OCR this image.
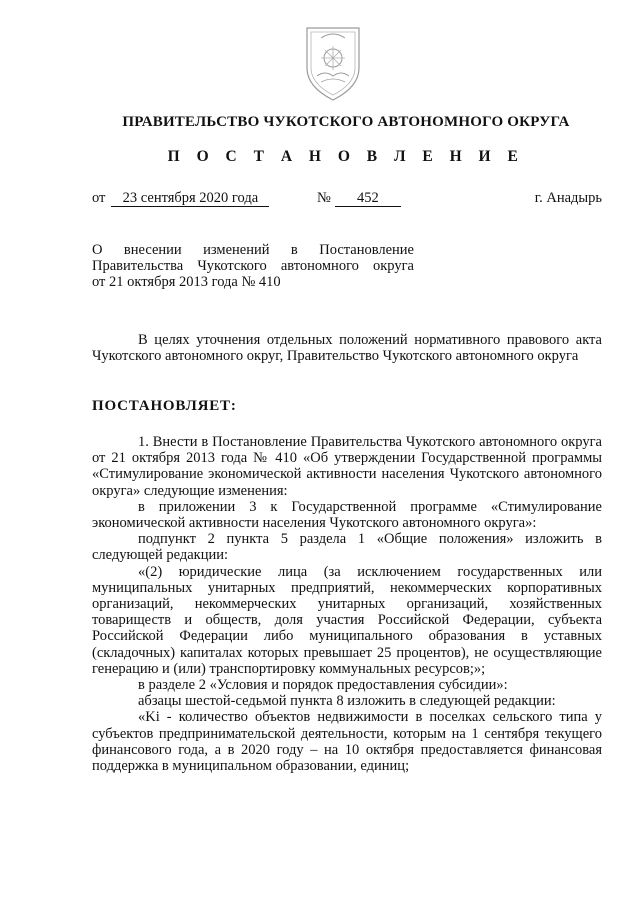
ПРАВИТЕЛЬСТВО ЧУКОТСКОГО АВТОНОМНОГО ОКРУГА
П О С Т А Н О В Л Е Н И Е
от 23 сентября 2020 года	№ 452	г. Анадырь
О внесении изменений в Постановление
Правительства Чукотского автономного округа
от 21 октября 2013 года № 410

В целях уточнения отдельных положений нормативного правового акта Чукотского автономного округ, Правительство Чукотского автономного округа

ПОСТАНОВЛЯЕТ:

1. Внести в Постановление Правительства Чукотского автономного округа от 21 октября 2013 года № 410 «Об утверждении Государственной программы «Стимулирование экономической активности населения Чукотского автономного округа» следующие изменения:

в приложении 3 к Государственной программе «Стимулирование экономической активности населения Чукотского автономного округа»:

подпункт 2 пункта 5 раздела 1 «Общие положения» изложить в следующей редакции:

«(2) юридические лица (за исключением государственных или муниципальных унитарных предприятий, некоммерческих корпоративных организаций, некоммерческих унитарных организаций, хозяйственных товариществ и обществ, доля участия Российской Федерации, субъекта Российской Федерации либо муниципального образования в уставных (складочных) капиталах которых превышает 25 процентов), не осуществляющие генерацию и (или) транспортировку коммунальных ресурсов;»;

в разделе 2 «Условия и порядок предоставления субсидии»:

абзацы шестой-седьмой пункта 8 изложить в следующей редакции:

«Ki - количество объектов недвижимости в поселках сельского типа у субъектов предпринимательской деятельности, которым на 1 сентября текущего финансового года, а в 2020 году – на 10 октября предоставляется финансовая поддержка в муниципальном образовании, единиц;
